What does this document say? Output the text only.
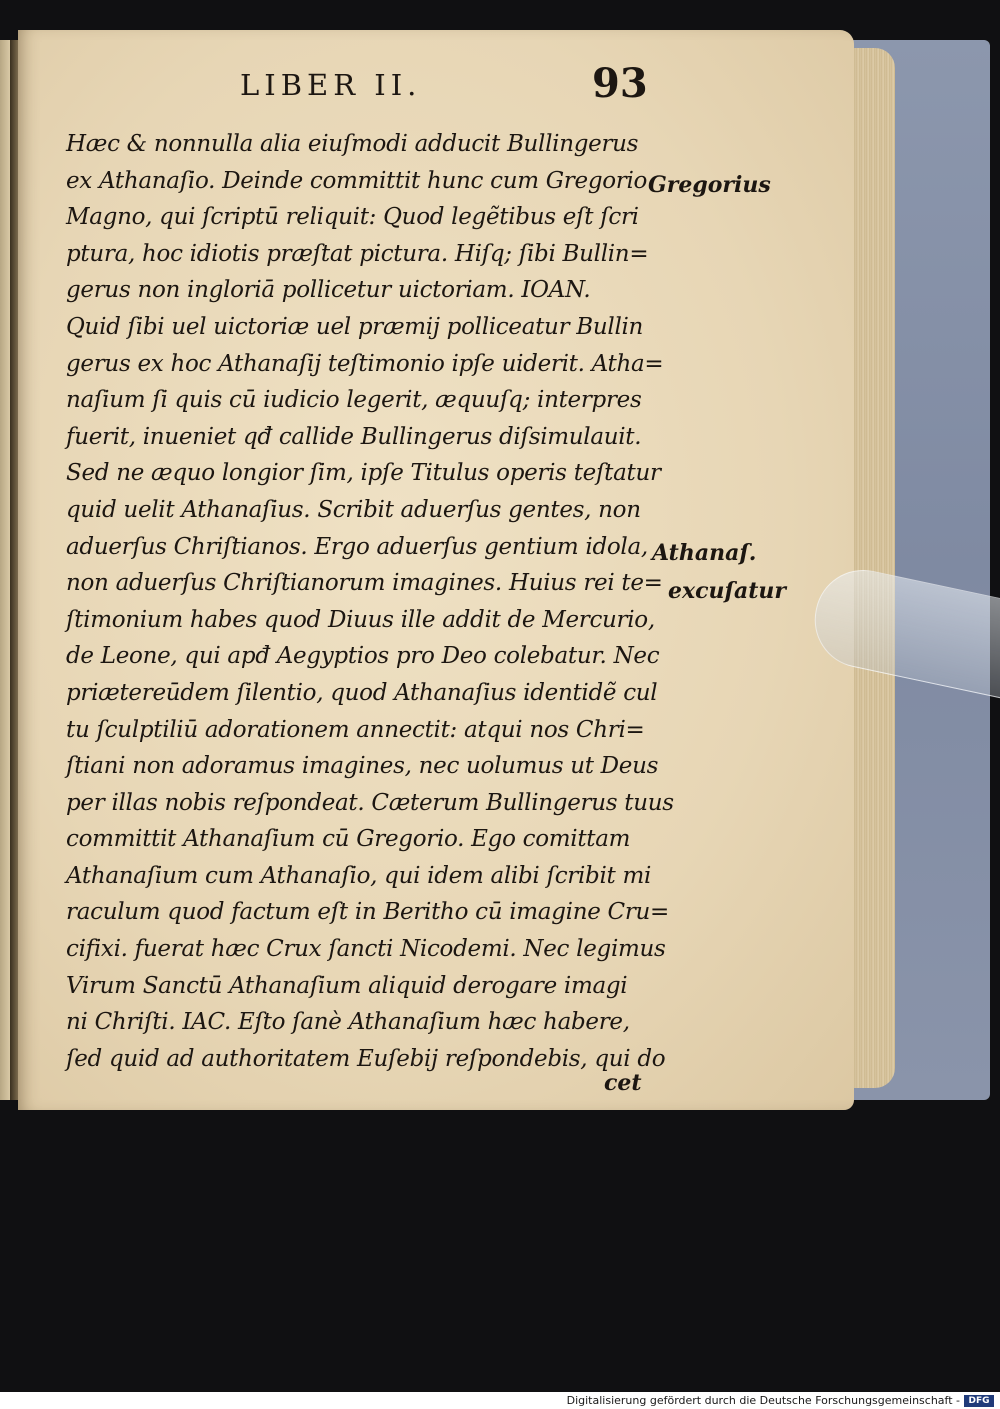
LIBER II.	93
Hæc & nonnulla alia eiuſmodi adducit Bullingerus
ex Athanaſio. Deinde committit hunc cum Gregorio
Magno, qui ſcriptū reliquit: Quod legẽtibus eſt ſcri
ptura, hoc idiotis præſtat pictura. Hiſq; ſibi Bullin=
gerus non ingloriā pollicetur uictoriam. IOAN.
Quid ſibi uel uictoriæ uel præmij polliceatur Bullin
gerus ex hoc Athanaſij teſtimonio ipſe uiderit. Atha=
naſium ſi quis cū iudicio legerit, æquuſq; interpres
fuerit, inueniet qđ callide Bullingerus diſsimulauit.
Sed ne æquo longior ſim, ipſe Titulus operis teſtatur
quid uelit Athanaſius. Scribit aduerſus gentes, non
aduerſus Chriſtianos. Ergo aduerſus gentium idola,
non aduerſus Chriſtianorum imagines. Huius rei te=
ſtimonium habes quod Diuus ille addit de Mercurio,
de Leone, qui apđ Aegyptios pro Deo colebatur. Nec
priætereūdem ſilentio, quod Athanaſius identidẽ cul
tu ſculptiliū adorationem annectit: atqui nos Chri=
ſtiani non adoramus imagines, nec uolumus ut Deus
per illas nobis reſpondeat. Cæterum Bullingerus tuus
committit Athanaſium cū Gregorio. Ego comittam
Athanaſium cum Athanaſio, qui idem alibi ſcribit mi
raculum quod factum eſt in Beritho cū imagine Cru=
cifixi. fuerat hæc Crux ſancti Nicodemi. Nec legimus
Virum Sanctū Athanaſium aliquid derogare imagi
ni Chriſti. IAC. Eſto ſanè Athanaſium hæc habere,
ſed quid ad authoritatem Euſebij reſpondebis, qui do
Gregorius
Athanaſ.
excuſatur
cet
Digitalisierung gefördert durch die Deutsche Forschungsgemeinschaft - DFG
